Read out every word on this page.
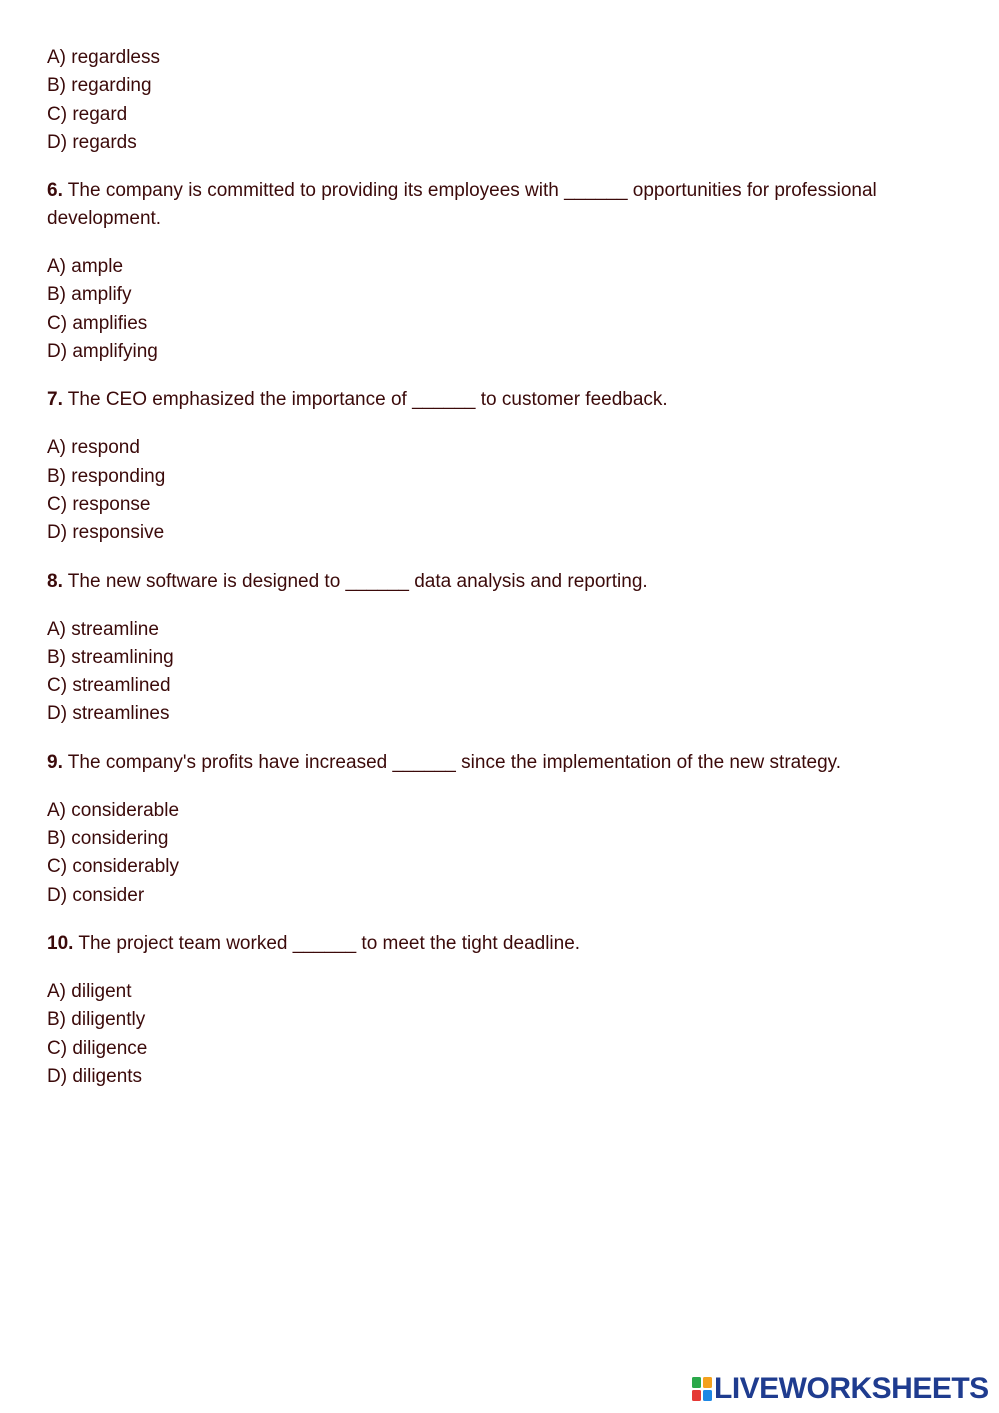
A) regardless
B) regarding
C) regard
D) regards
6. The company is committed to providing its employees with ______ opportunities for professional development.
A) ample
B) amplify
C) amplifies
D) amplifying
7. The CEO emphasized the importance of ______ to customer feedback.
A) respond
B) responding
C) response
D) responsive
8. The new software is designed to ______ data analysis and reporting.
A) streamline
B) streamlining
C) streamlined
D) streamlines
9. The company's profits have increased ______ since the implementation of the new strategy.
A) considerable
B) considering
C) considerably
D) consider
10. The project team worked ______ to meet the tight deadline.
A) diligent
B) diligently
C) diligence
D) diligents
LIVEWORKSHEETS
